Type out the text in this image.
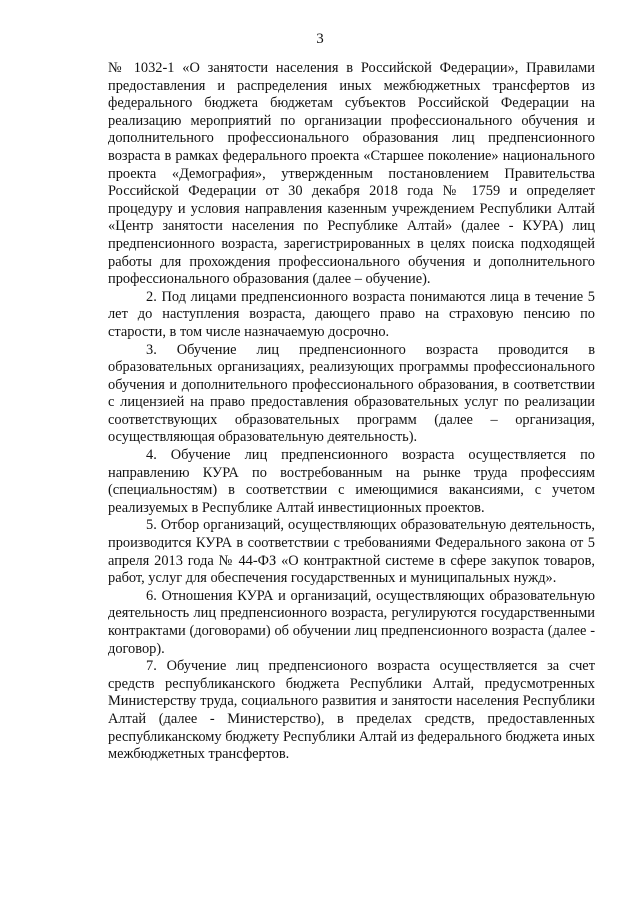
3

№ 1032-1 «О занятости населения в Российской Федерации», Правилами предоставления и распределения иных межбюджетных трансфертов из федерального бюджета бюджетам субъектов Российской Федерации на реализацию мероприятий по организации профессионального обучения и дополнительного профессионального образования лиц предпенсионного возраста в рамках федерального проекта «Старшее поколение» национального проекта «Демография», утвержденным постановлением Правительства Российской Федерации от 30 декабря 2018 года № 1759 и определяет процедуру и условия направления казенным учреждением Республики Алтай «Центр занятости населения по Республике Алтай» (далее - КУРА) лиц предпенсионного возраста, зарегистрированных в целях поиска подходящей работы для прохождения профессионального обучения и дополнительного профессионального образования (далее – обучение).

2. Под лицами предпенсионного возраста понимаются лица в течение 5 лет до наступления возраста, дающего право на страховую пенсию по старости, в том числе назначаемую досрочно.

3. Обучение лиц предпенсионного возраста проводится в образовательных организациях, реализующих программы профессионального обучения и дополнительного профессионального образования, в соответствии с лицензией на право предоставления образовательных услуг по реализации соответствующих образовательных программ (далее – организация, осуществляющая образовательную деятельность).

4. Обучение лиц предпенсионного возраста осуществляется по направлению КУРА по востребованным на рынке труда профессиям (специальностям) в соответствии с имеющимися вакансиями, с учетом реализуемых в Республике Алтай инвестиционных проектов.

5. Отбор организаций, осуществляющих образовательную деятельность, производится КУРА в соответствии с требованиями Федерального закона от 5 апреля 2013 года № 44-ФЗ «О контрактной системе в сфере закупок товаров, работ, услуг для обеспечения государственных и муниципальных нужд».

6. Отношения КУРА и организаций, осуществляющих образовательную деятельность лиц предпенсионного возраста, регулируются государственными контрактами (договорами) об обучении лиц предпенсионного возраста (далее - договор).

7. Обучение лиц предпенсионого возраста осуществляется за счет средств республиканского бюджета Республики Алтай, предусмотренных Министерству труда, социального развития и занятости населения Республики Алтай (далее - Министерство), в пределах средств, предоставленных республиканскому бюджету Республики Алтай из федерального бюджета иных межбюджетных трансфертов.
